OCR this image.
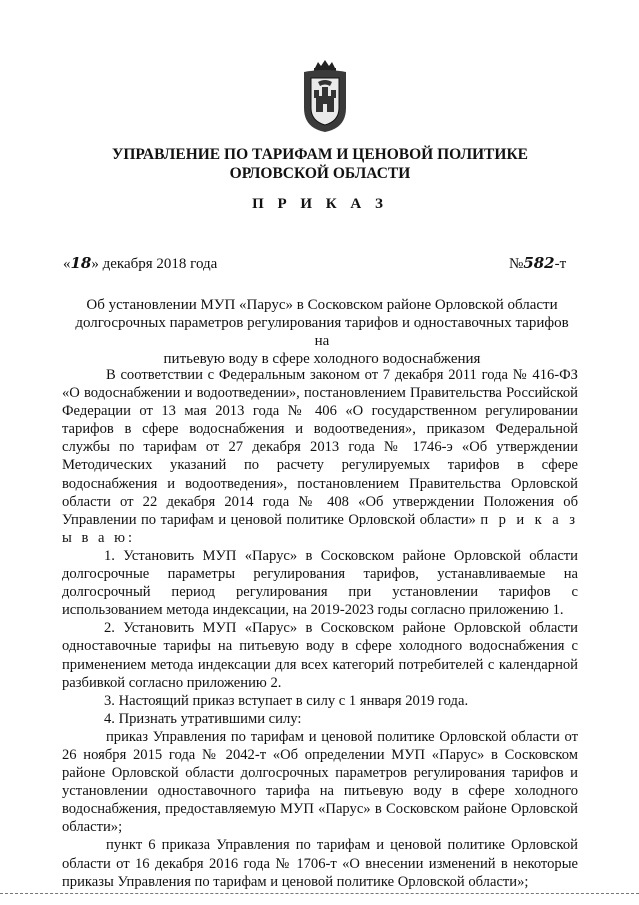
УПРАВЛЕНИЕ ПО ТАРИФАМ И ЦЕНОВОЙ ПОЛИТИКЕ
ОРЛОВСКОЙ ОБЛАСТИ
П Р И К А З
«18» декабря 2018 года	№582-т
Об установлении МУП «Парус» в Сосковском районе Орловской области
долгосрочных параметров регулирования тарифов и одноставочных тарифов на
питьевую воду в сфере холодного водоснабжения

В соответствии с Федеральным законом от 7 декабря 2011 года № 416-ФЗ «О водоснабжении и водоотведении», постановлением Правительства Российской Федерации от 13 мая 2013 года № 406 «О государственном регулировании тарифов в сфере водоснабжения и водоотведения», приказом Федеральной службы по тарифам от 27 декабря 2013 года № 1746-э «Об утверждении Методических указаний по расчету регулируемых тарифов в сфере водоснабжения и водоотведения», постановлением Правительства Орловской области от 22 декабря 2014 года № 408 «Об утверждении Положения об Управлении по тарифам и ценовой политике Орловской области» п р и к а з ы в а ю:

1. Установить МУП «Парус» в Сосковском районе Орловской области долгосрочные параметры регулирования тарифов, устанавливаемые на долгосрочный период регулирования при установлении тарифов с использованием метода индексации, на 2019-2023 годы согласно приложению 1.

2. Установить МУП «Парус» в Сосковском районе Орловской области одноставочные тарифы на питьевую воду в сфере холодного водоснабжения с применением метода индексации для всех категорий потребителей с календарной разбивкой согласно приложению 2.

3. Настоящий приказ вступает в силу с 1 января 2019 года.

4. Признать утратившими силу:

приказ Управления по тарифам и ценовой политике Орловской области от 26 ноября 2015 года № 2042-т «Об определении МУП «Парус» в Сосковском районе Орловской области долгосрочных параметров регулирования тарифов и установлении одноставочного тарифа на питьевую воду в сфере холодного водоснабжения, предоставляемую МУП «Парус» в Сосковском районе Орловской области»;

пункт 6 приказа Управления по тарифам и ценовой политике Орловской области от 16 декабря 2016 года № 1706-т «О внесении изменений в некоторые приказы Управления по тарифам и ценовой политике Орловской области»;
